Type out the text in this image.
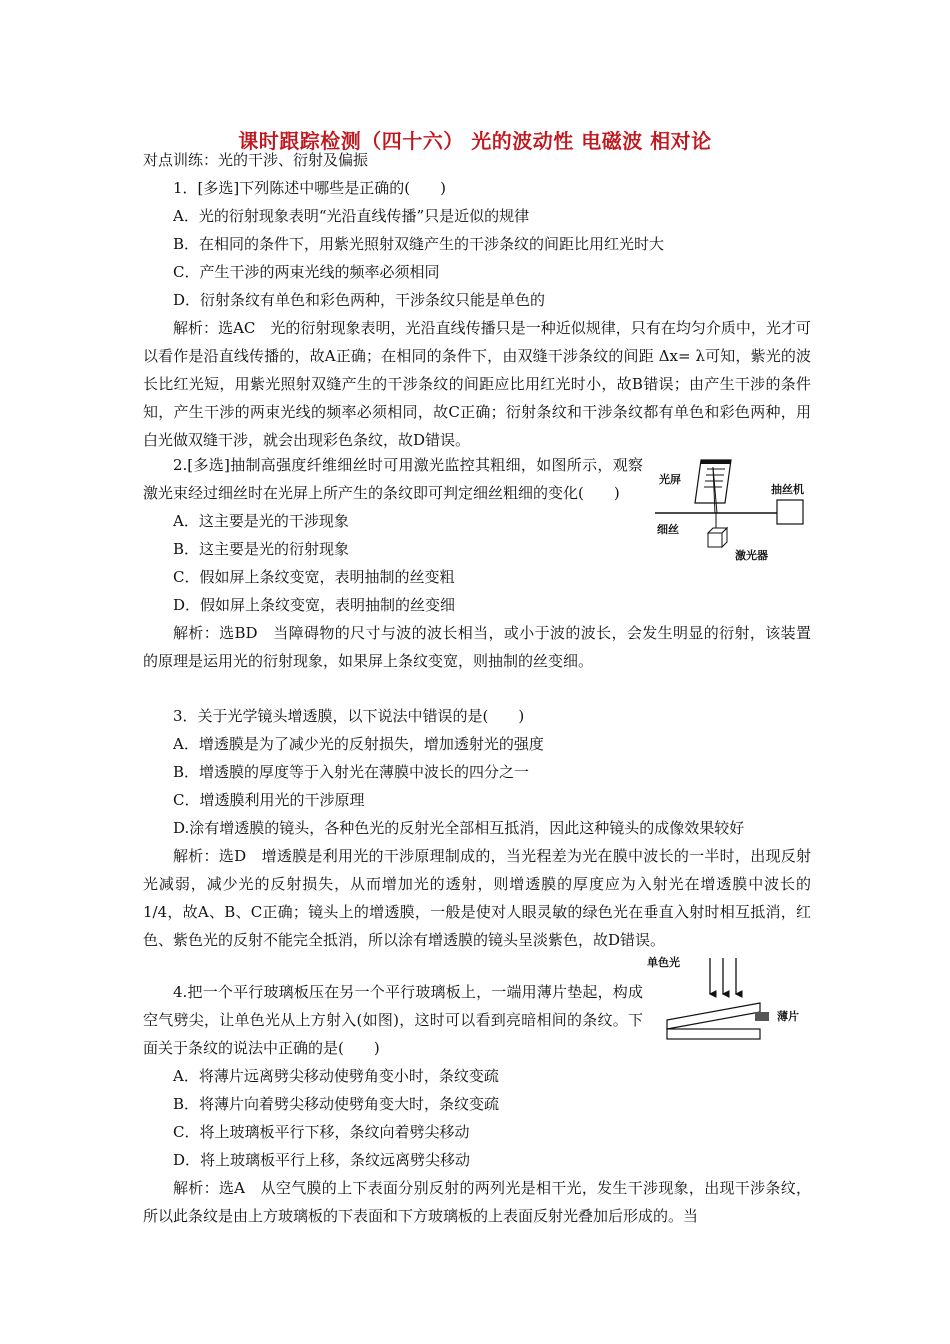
课时跟踪检测（四十六） 光的波动性 电磁波 相对论
对点训练：光的干涉、衍射及偏振
1．[多选]下列陈述中哪些是正确的(　　)
A．光的衍射现象表明“光沿直线传播”只是近似的规律
B．在相同的条件下，用紫光照射双缝产生的干涉条纹的间距比用红光时大
C．产生干涉的两束光线的频率必须相同
D．衍射条纹有单色和彩色两种，干涉条纹只能是单色的
解析：选AC　光的衍射现象表明，光沿直线传播只是一种近似规律，只有在均匀介质中，光才可以看作是沿直线传播的，故A正确；在相同的条件下，由双缝干涉条纹的间距 Δx= λ可知，紫光的波长比红光短，用紫光照射双缝产生的干涉条纹的间距应比用红光时小，故B错误；由产生干涉的条件知，产生干涉的两束光线的频率必须相同，故C正确；衍射条纹和干涉条纹都有单色和彩色两种，用白光做双缝干涉，就会出现彩色条纹，故D错误。
2.[多选]抽制高强度纤维细丝时可用激光监控其粗细，如图所示，观察激光束经过细丝时在光屏上所产生的条纹即可判定细丝粗细的变化(　　)
A．这主要是光的干涉现象
B．这主要是光的衍射现象
C．假如屏上条纹变宽，表明抽制的丝变粗
D．假如屏上条纹变宽，表明抽制的丝变细
解析：选BD　当障碍物的尺寸与波的波长相当，或小于波的波长，会发生明显的衍射，该装置的原理是运用光的衍射现象，如果屏上条纹变宽，则抽制的丝变细。
光屏
抽丝机
细丝
激光器
3．关于光学镜头增透膜，以下说法中错误的是(　　)
A．增透膜是为了减少光的反射损失，增加透射光的强度
B．增透膜的厚度等于入射光在薄膜中波长的四分之一
C．增透膜利用光的干涉原理
D.涂有增透膜的镜头，各种色光的反射光全部相互抵消，因此这种镜头的成像效果较好
解析：选D　增透膜是利用光的干涉原理制成的，当光程差为光在膜中波长的一半时，出现反射光减弱，减少光的反射损失，从而增加光的透射，则增透膜的厚度应为入射光在增透膜中波长的1/4，故A、B、C正确；镜头上的增透膜，一般是使对人眼灵敏的绿色光在垂直入射时相互抵消，红色、紫色光的反射不能完全抵消，所以涂有增透膜的镜头呈淡紫色，故D错误。
4.把一个平行玻璃板压在另一个平行玻璃板上，一端用薄片垫起，构成空气劈尖，让单色光从上方射入(如图)，这时可以看到亮暗相间的条纹。下面关于条纹的说法中正确的是(　　)
A．将薄片远离劈尖移动使劈角变小时，条纹变疏
B．将薄片向着劈尖移动使劈角变大时，条纹变疏
C．将上玻璃板平行下移，条纹向着劈尖移动
D．将上玻璃板平行上移，条纹远离劈尖移动
解析：选A　从空气膜的上下表面分别反射的两列光是相干光，发生干涉现象，出现干涉条纹，所以此条纹是由上方玻璃板的下表面和下方玻璃板的上表面反射光叠加后形成的。当
单色光
薄片
